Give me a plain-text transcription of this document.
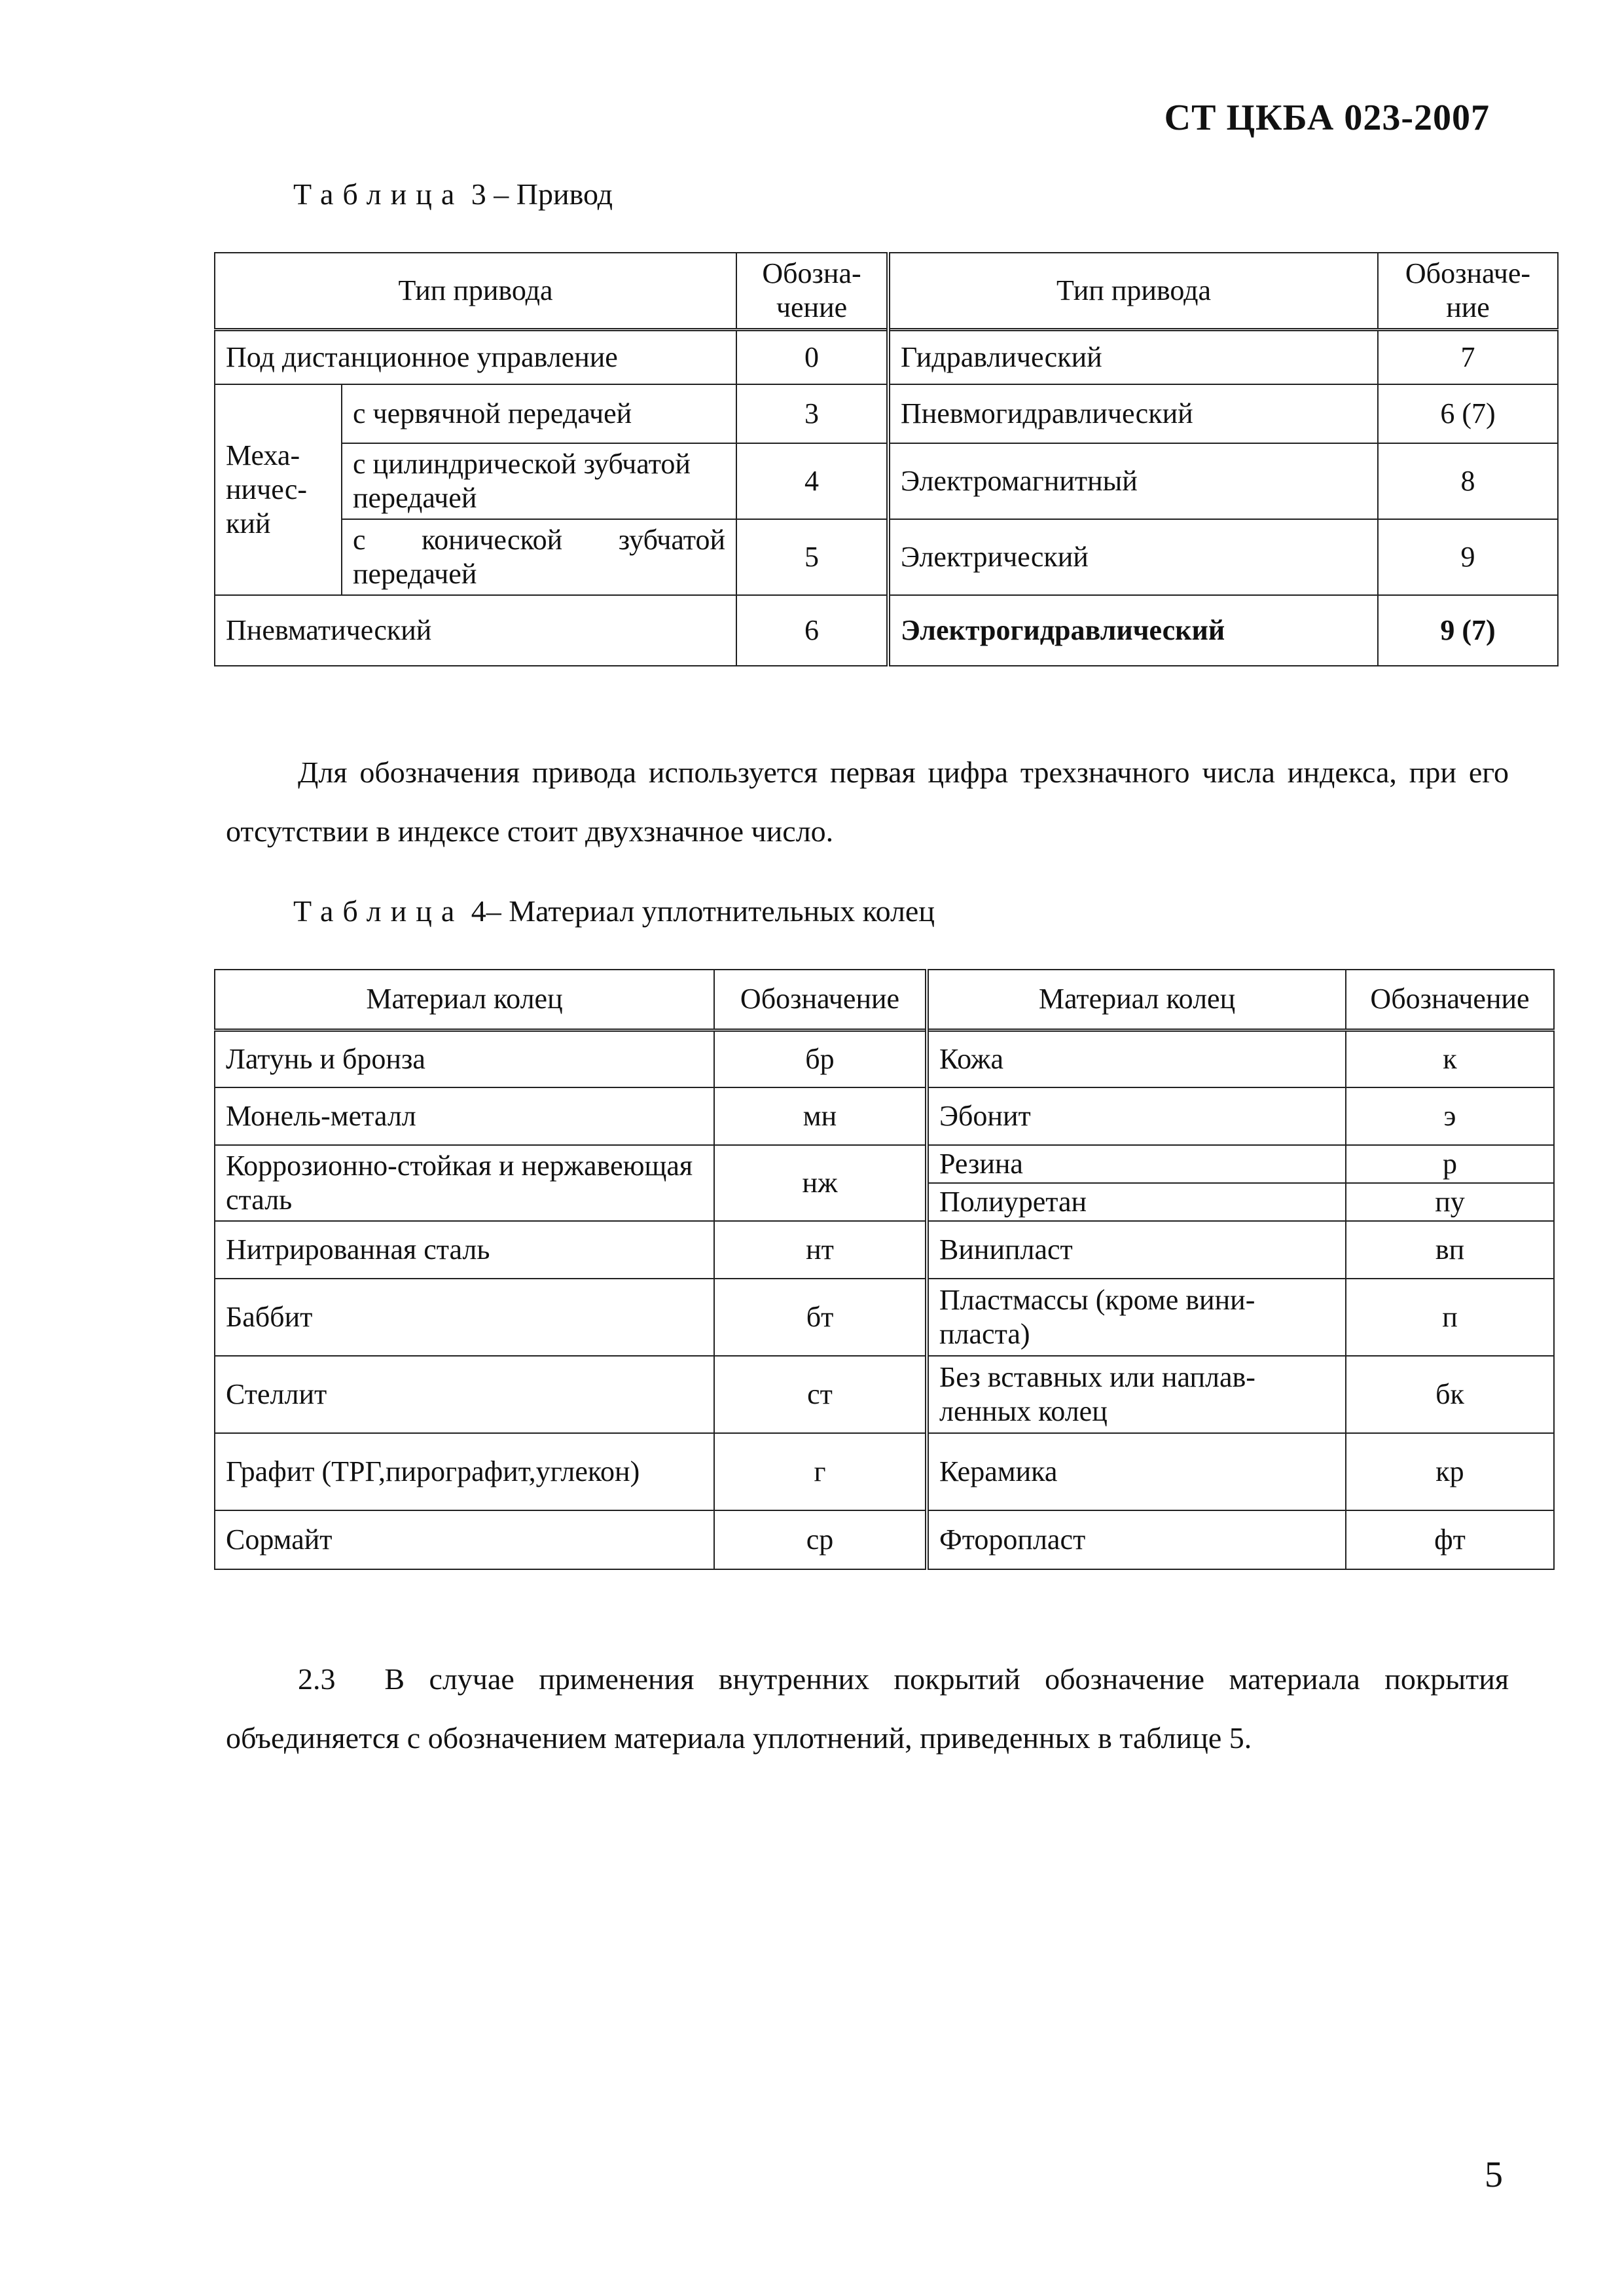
СТ ЦКБА 023-2007
Таблица 3 – Привод
Тип привода		Обозна-чение	Тип привода	Обозначе-ние
Под дистанционное управление		0	Гидравлический	7
Меха-ничес-кий	с червячной передачей	3	Пневмогидравлический	6 (7)
	с цилиндрической зубчатой передачей	4	Электромагнитный	8
	с конической зубчатой передачей	5	Электрический	9
Пневматический		6	Электрогидравлический	9 (7)

Для обозначения привода используется первая цифра трехзначного числа индекса, при его отсутствии в индексе стоит двухзначное число.

Таблица 4– Материал уплотнительных колец
Материал колец	Обозначение	Материал колец	Обозначение
Латунь и бронза	бр	Кожа	к
Монель-металл	мн	Эбонит	э
Коррозионно-стойкая и нержавеющая сталь	нж	Резина	р
		Полиуретан	пу
Нитрированная сталь	нт	Винипласт	вп
Баббит	бт	Пластмассы (кроме вини-пласта)	п
Стеллит	ст	Без вставных или наплав-ленных колец	бк
Графит (ТРГ,пирографит,углекон)	г	Керамика	кр
Сормайт	ср	Фторопласт	фт

2.3 В случае применения внутренних покрытий обозначение материала покрытия объединяется с обозначением материала уплотнений, приведенных в таблице 5.

5
